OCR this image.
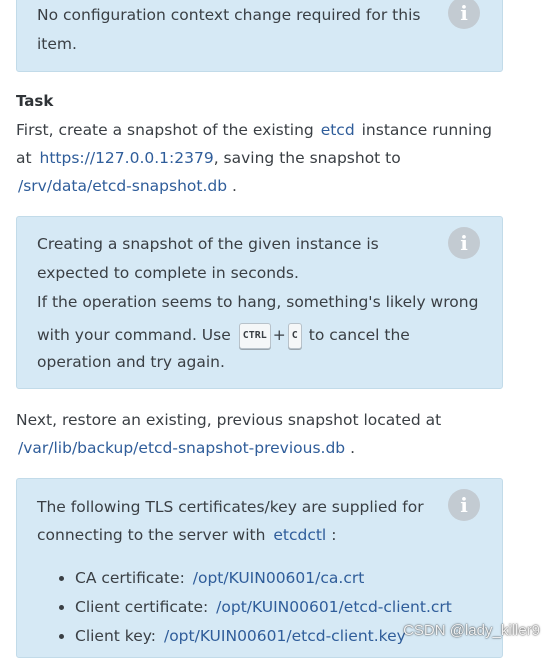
i
No configuration context change required for this
item.
Task
First, create a snapshot of the existing etcd instance running
at https://127.0.0.1:2379, saving the snapshot to
/srv/data/etcd-snapshot.db .
i
Creating a snapshot of the given instance is
expected to complete in seconds.
If the operation seems to hang, something's likely wrong
with your command. Use CTRL + C to cancel the
operation and try again.
Next, restore an existing, previous snapshot located at
/var/lib/backup/etcd-snapshot-previous.db .
i
The following TLS certificates/key are supplied for
connecting to the server with etcdctl :
CA certificate: /opt/KUIN00601/ca.crt
Client certificate: /opt/KUIN00601/etcd-client.crt
Client key: /opt/KUIN00601/etcd-client.key
CSDN @lady_killer9
